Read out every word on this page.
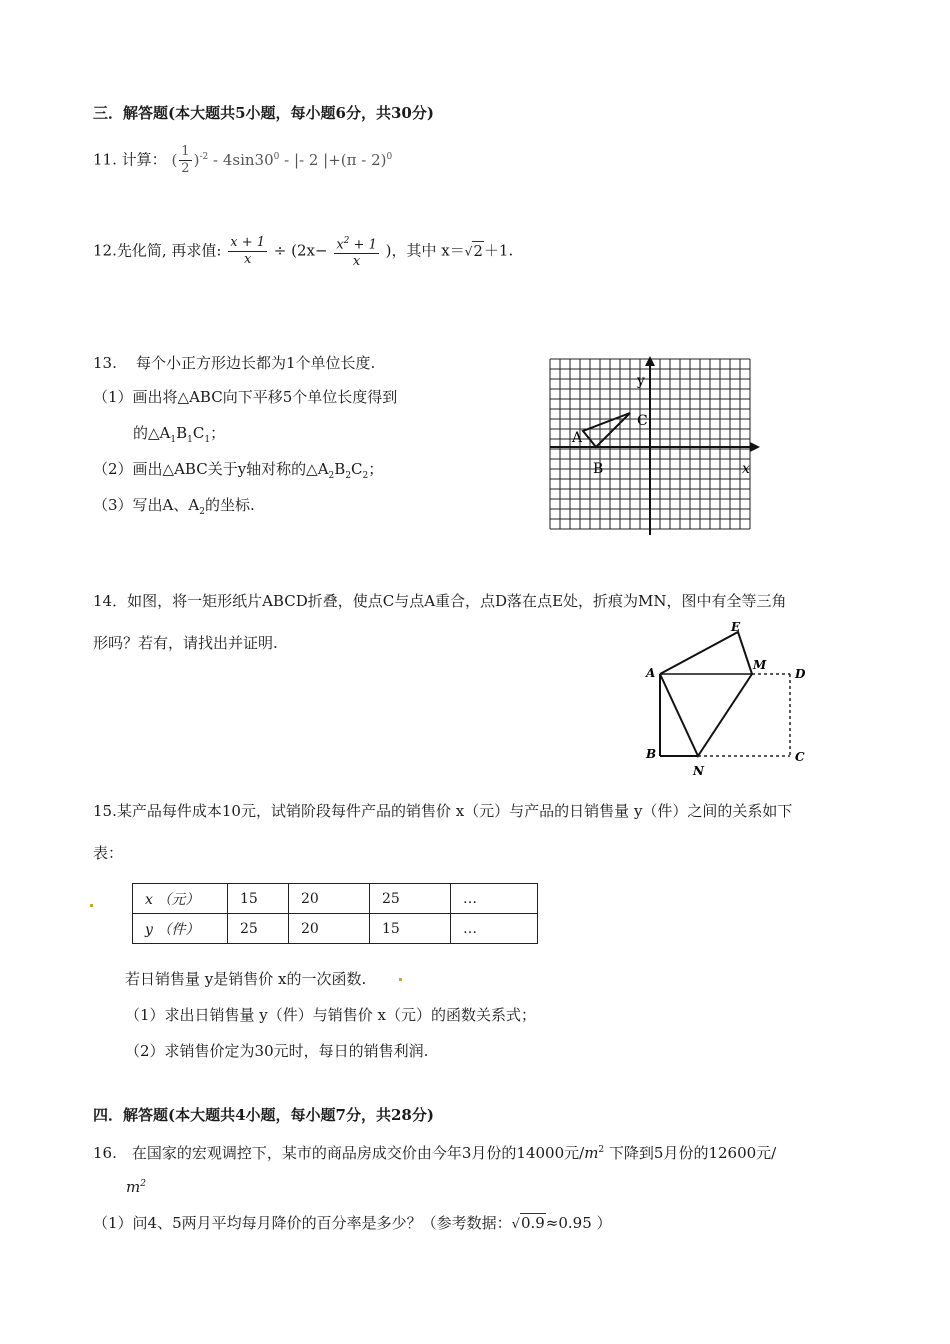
三．解答题(本大题共5小题，每小题6分，共30分)
11. 计算： ( $\frac{1}{2} )^{-2} - 4\sin 30^0$ - |- 2 |+(π - 2)$^0$
12.先化简, 再求值: $\frac{x + 1}{x} \div (2x- \frac{x^2 + 1}{x}$ )，其中 x＝√2＋1.
13. 每个小正方形边长都为1个单位长度.
（1）画出将△ABC向下平移5个单位长度得到
的$\triangle A_1B_1C_1$；
（2）画出△ABC关于y轴对称的$\triangle A_2B_2C_2$；
（3）写出A、$A_2$的坐标.
y
x
A
B
C
14．如图，将一矩形纸片ABCD折叠，使点C与点A重合，点D落在点E处，折痕为MN，图中有全等三角
形吗？若有，请找出并证明.
A
B	C
D
E
M
N
15.某产品每件成本10元，试销阶段每件产品的销售价 x（元）与产品的日销售量 y（件）之间的关系如下
表：
x （元）	15	20	25	…
y （件）	25	20	15	…
若日销售量 y是销售价 x的一次函数.
（1）求出日销售量 y（件）与销售价 x（元）的函数关系式；
（2）求销售价定为30元时，每日的销售利润.
四．解答题(本大题共4小题，每小题7分，共28分)
16.　在国家的宏观调控下，某市的商品房成交价由今年3月份的14000元$/m^2$ 下降到5月份的12600元/
$m^2$
（1）问4、5两月平均每月降价的百分率是多少？（参考数据：√0.9≈0.95 ）
